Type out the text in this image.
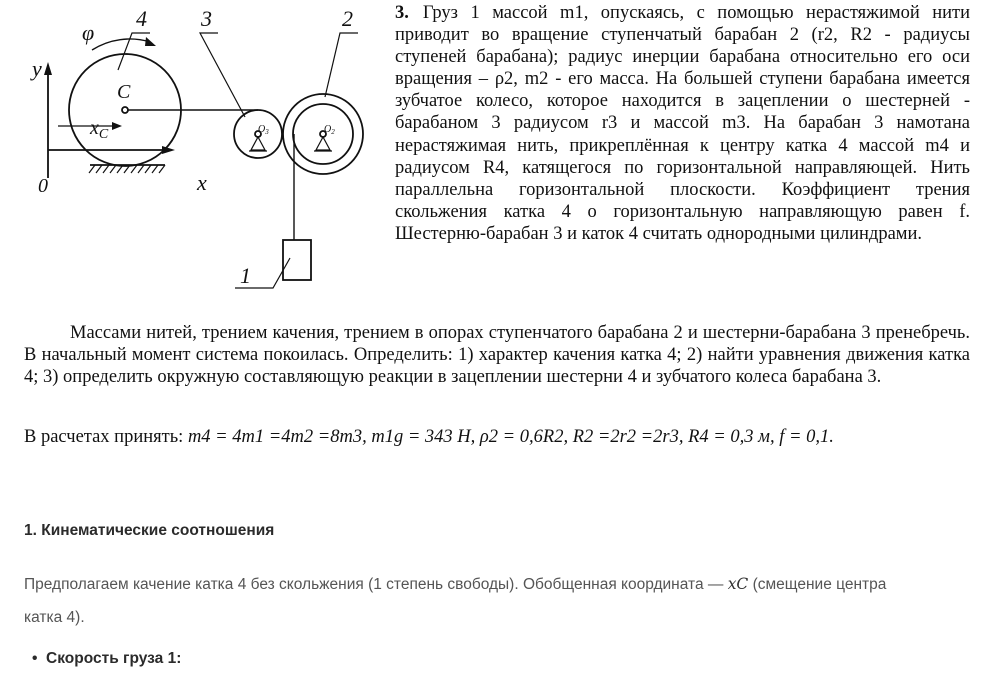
φ
4 3	2
1
y
C
$x_C$
0	x
$O_3$	$O_2$

3. Груз 1 массой m1, опускаясь, с помощью нерастяжимой нити приводит во вращение ступенчатый барабан 2 (r2, R2 - радиусы ступеней барабана); радиус инерции барабана относительно его оси вращения – ρ2, m2 - его масса. На большей ступени барабана имеется зубчатое колесо, которое находится в зацеплении о шестерней - барабаном 3 радиусом r3 и массой m3. На барабан 3 намотана нерастяжимая нить, прикреплённая к центру катка 4 массой m4 и радиусом R4, катящегося по горизонтальной направляющей. Нить параллельна горизонтальной плоскости. Коэффициент трения скольжения катка 4 о горизонтальную направляющую равен f. Шестерню-барабан 3 и каток 4 считать однородными цилиндрами.

Массами нитей, трением качения, трением в опорах ступенчатого барабана 2 и шестерни-барабана 3 пренебречь. В начальный момент система покоилась. Определить: 1) характер качения катка 4; 2) найти уравнения движения катка 4; 3) определить окружную составляющую реакции в зацеплении шестерни 4 и зубчатого колеса барабана 3.

В расчетах принять: m4 = 4m1 =4m2 =8m3, m1g = 343 Н, ρ2 = 0,6R2, R2 =2r2 =2r3, R4 = 0,3 м, f = 0,1.
1. Кинематические соотношения
Предполагаем качение катка 4 без скольжения (1 степень свободы). Обобщенная координата — xC (смещение центра катка 4).
•  Скорость груза 1:
